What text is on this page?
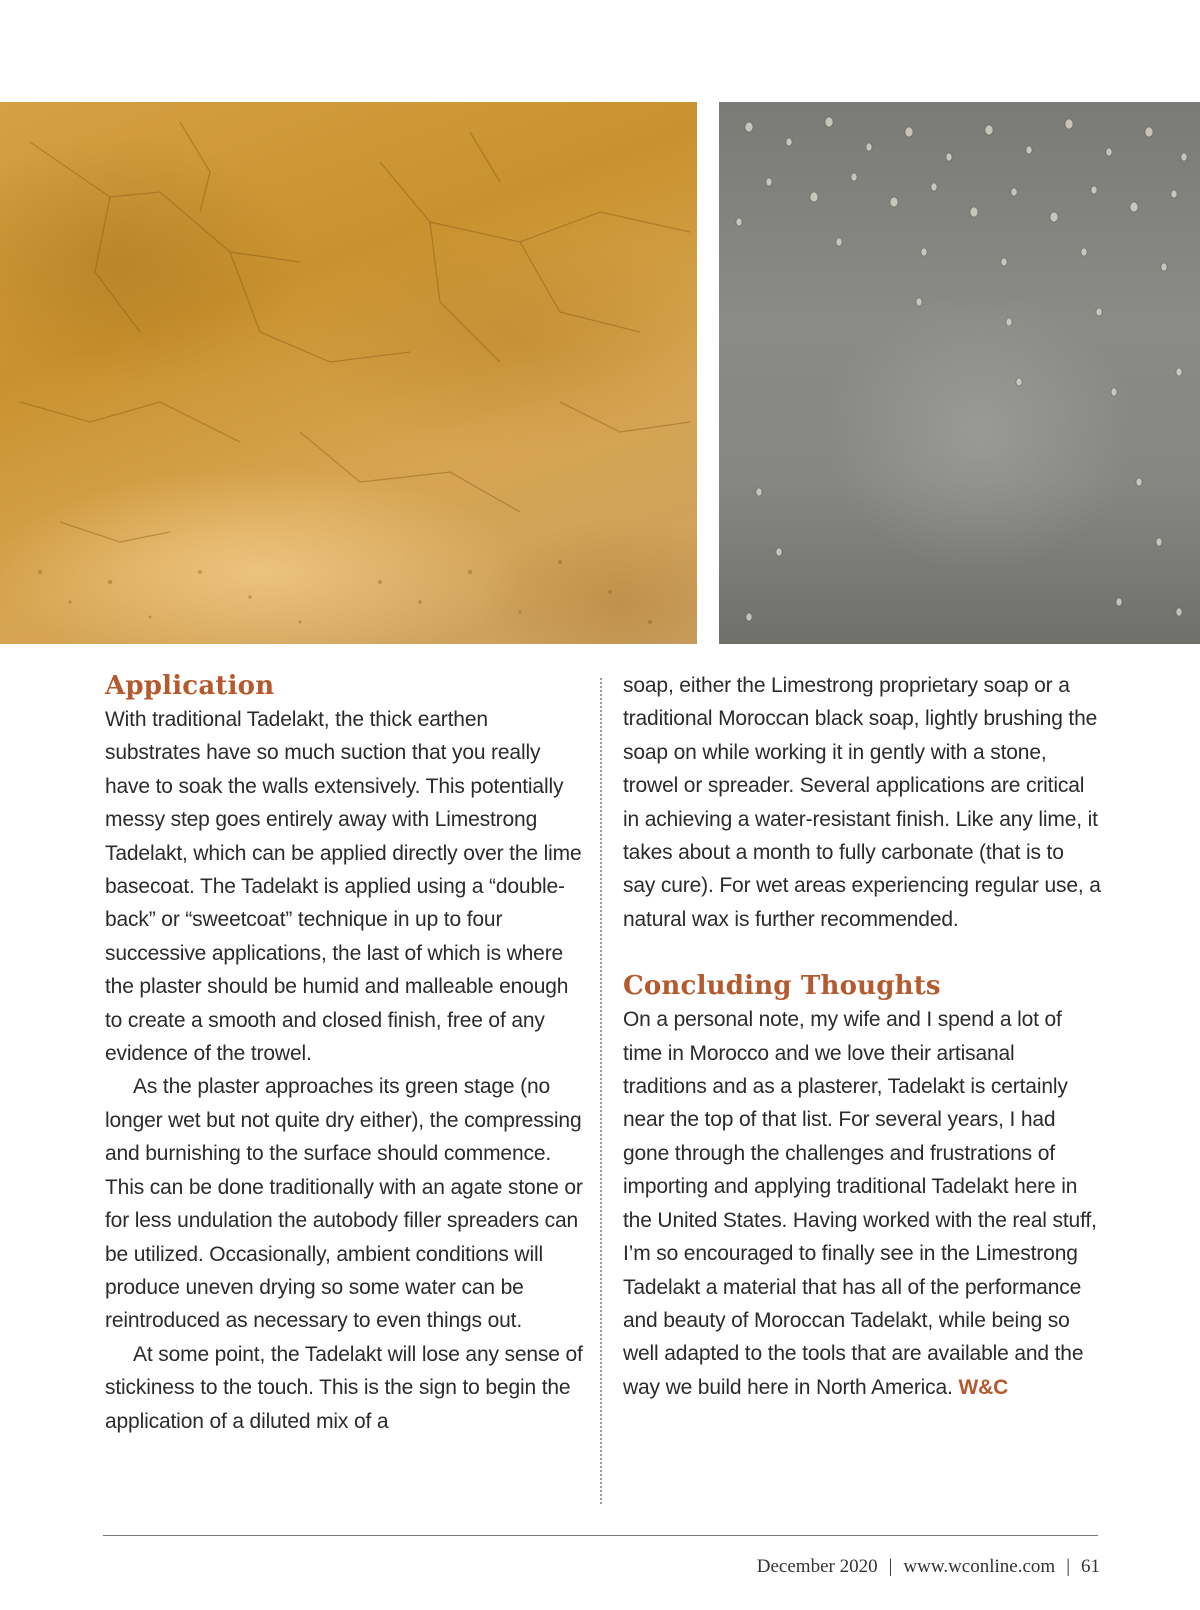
Application

With traditional Tadelakt, the thick earthen substrates have so much suction that you really have to soak the walls extensively. This potentially messy step goes entirely away with Limestrong Tadelakt, which can be applied directly over the lime basecoat. The Tadelakt is applied using a “double-back” or “sweetcoat” technique in up to four successive applications, the last of which is where the plaster should be humid and malleable enough to create a smooth and closed finish, free of any evidence of the trowel.

As the plaster approaches its green stage (no longer wet but not quite dry either), the compressing and burnishing to the surface should commence. This can be done traditionally with an agate stone or for less undulation the autobody filler spreaders can be utilized. Occasionally, ambient conditions will produce uneven drying so some water can be reintroduced as necessary to even things out.

At some point, the Tadelakt will lose any sense of stickiness to the touch. This is the sign to begin the application of a diluted mix of a

soap, either the Limestrong proprietary soap or a traditional Moroccan black soap, lightly brushing the soap on while working it in gently with a stone, trowel or spreader. Several applications are critical in achieving a water-resistant finish. Like any lime, it takes about a month to fully carbonate (that is to say cure). For wet areas experiencing regular use, a natural wax is further recommended.

Concluding Thoughts

On a personal note, my wife and I spend a lot of time in Morocco and we love their artisanal traditions and as a plasterer, Tadelakt is certainly near the top of that list. For several years, I had gone through the challenges and frustrations of importing and applying traditional Tadelakt here in the United States. Having worked with the real stuff, I’m so encouraged to finally see in the Limestrong Tadelakt a material that has all of the performance and beauty of Moroccan Tadelakt, while being so well adapted to the tools that are available and the way we build here in North America. W&C

December 2020 | www.wconline.com | 61
